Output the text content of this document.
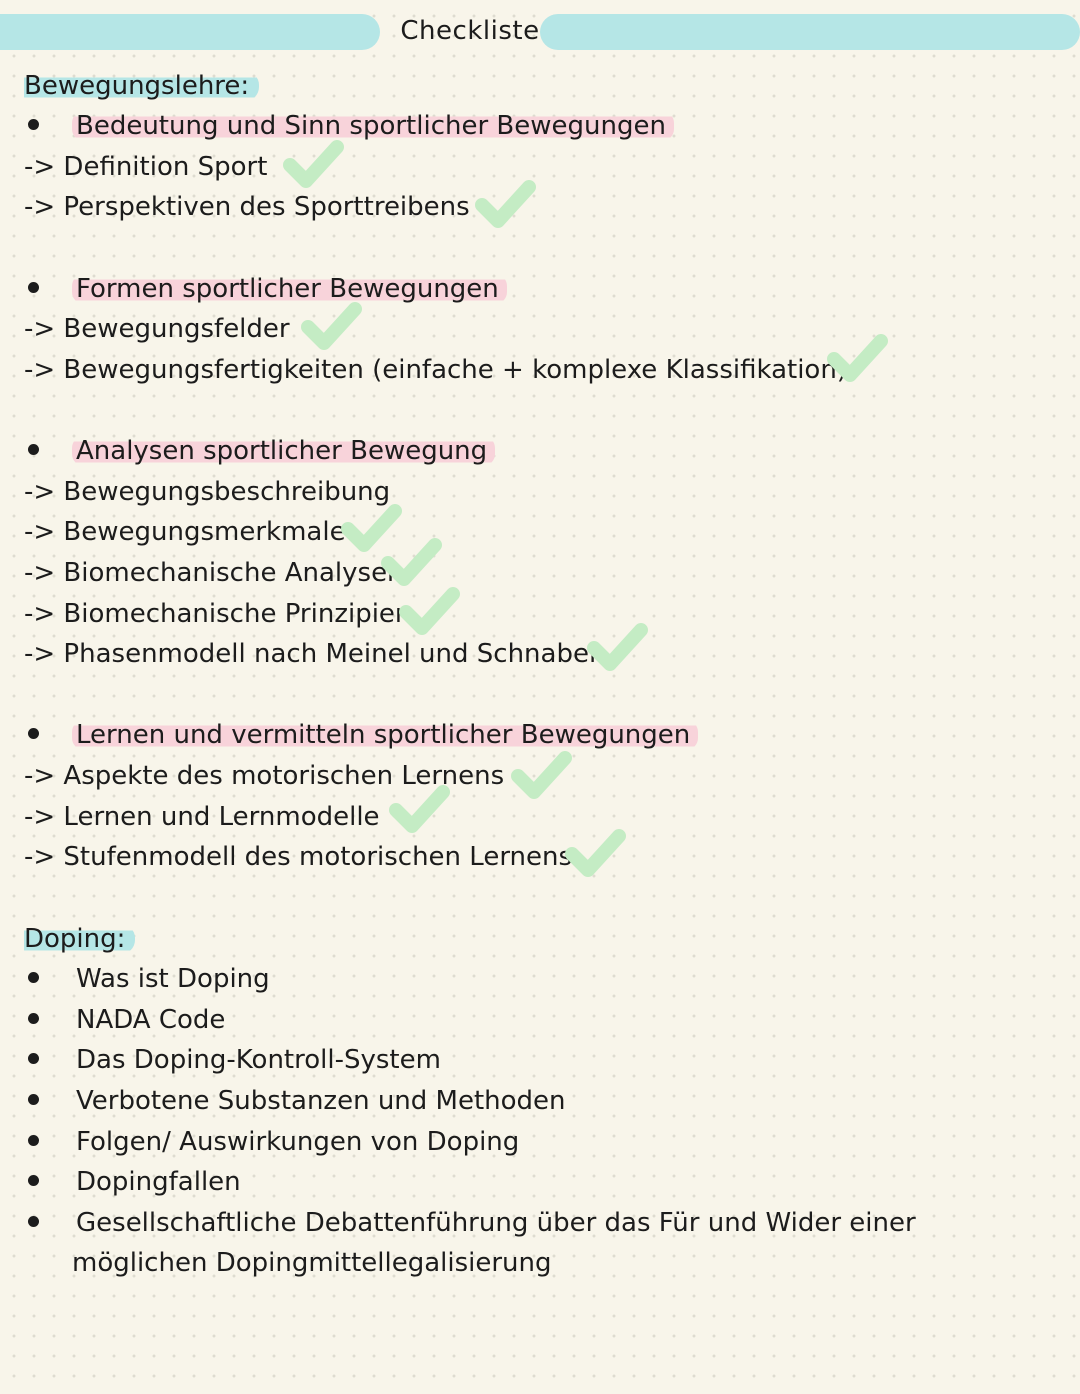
Checkliste
Bewegungslehre:
Bedeutung und Sinn sportlicher Bewegungen
-> Definition Sport
-> Perspektiven des Sporttreibens
Formen sportlicher Bewegungen
-> Bewegungsfelder
-> Bewegungsfertigkeiten (einfache + komplexe Klassifikation)
Analysen sportlicher Bewegung
-> Bewegungsbeschreibung
-> Bewegungsmerkmale
-> Biomechanische Analysen
-> Biomechanische Prinzipien
-> Phasenmodell nach Meinel und Schnabel
Lernen und vermitteln sportlicher Bewegungen
-> Aspekte des motorischen Lernens
-> Lernen und Lernmodelle
-> Stufenmodell des motorischen Lernens
Doping:
Was ist Doping
NADA Code
Das Doping-Kontroll-System
Verbotene Substanzen und Methoden
Folgen/ Auswirkungen von Doping
Dopingfallen
Gesellschaftliche Debattenführung über das Für und Wider einer
möglichen Dopingmittellegalisierung
